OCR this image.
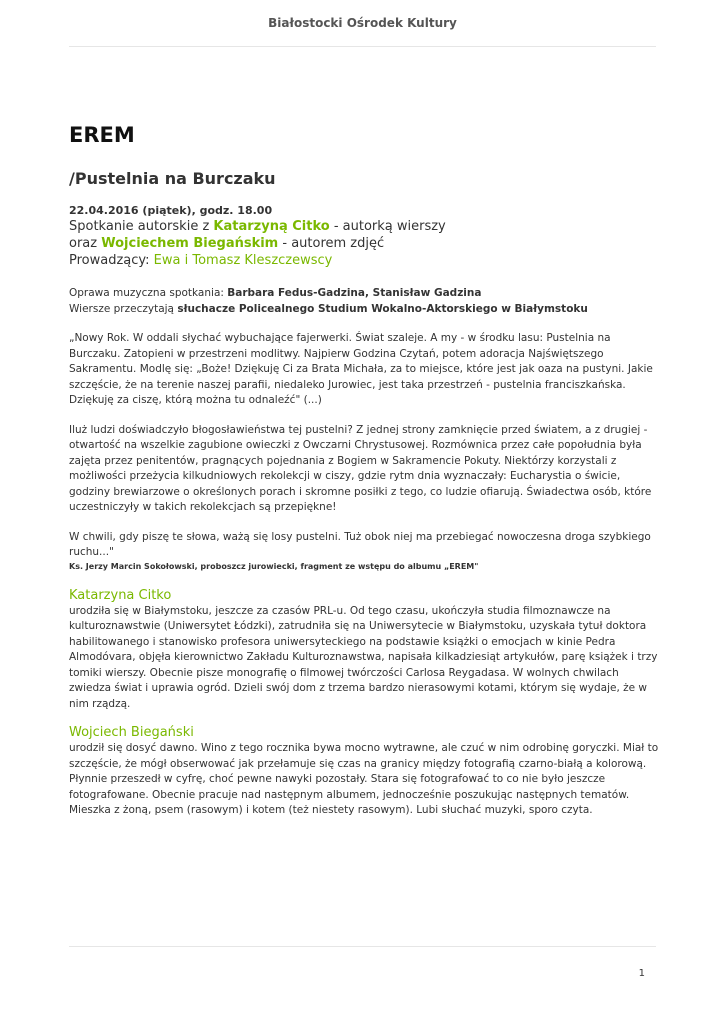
Białostocki Ośrodek Kultury
EREM
/Pustelnia na Burczaku
22.04.2016 (piątek), godz. 18.00
Spotkanie autorskie z Katarzyną Citko - autorką wierszy
oraz Wojciechem Biegańskim - autorem zdjęć
Prowadzący: Ewa i Tomasz Kleszczewscy
Oprawa muzyczna spotkania: Barbara Fedus-Gadzina, Stanisław Gadzina
Wiersze przeczytają słuchacze Policealnego Studium Wokalno-Aktorskiego w Białymstoku
„Nowy Rok. W oddali słychać wybuchające fajerwerki. Świat szaleje. A my - w środku lasu: Pustelnia na Burczaku. Zatopieni w przestrzeni modlitwy. Najpierw Godzina Czytań, potem adoracja Najświętszego Sakramentu. Modlę się: „Boże! Dziękuję Ci za Brata Michała, za to miejsce, które jest jak oaza na pustyni. Jakie szczęście, że na terenie naszej parafii, niedaleko Jurowiec, jest taka przestrzeń - pustelnia franciszkańska. Dziękuję za ciszę, którą można tu odnaleźć" (...)
Iluż ludzi doświadczyło błogosławieństwa tej pustelni? Z jednej strony zamknięcie przed światem, a z drugiej - otwartość na wszelkie zagubione owieczki z Owczarni Chrystusowej. Rozmównica przez całe popołudnia była zajęta przez penitentów, pragnących pojednania z Bogiem w Sakramencie Pokuty. Niektórzy korzystali z możliwości przeżycia kilkudniowych rekolekcji w ciszy, gdzie rytm dnia wyznaczały: Eucharystia o świcie, godziny brewiarzowe o określonych porach i skromne posiłki z tego, co ludzie ofiarują. Świadectwa osób, które uczestniczyły w takich rekolekcjach są przepiękne!
W chwili, gdy piszę te słowa, ważą się losy pustelni. Tuż obok niej ma przebiegać nowoczesna droga szybkiego ruchu..."
Ks. Jerzy Marcin Sokołowski, proboszcz jurowiecki, fragment ze wstępu do albumu „EREM"
Katarzyna Citko
urodziła się w Białymstoku, jeszcze za czasów PRL-u. Od tego czasu, ukończyła studia filmoznawcze na kulturoznawstwie (Uniwersytet Łódzki), zatrudniła się na Uniwersytecie w Białymstoku, uzyskała tytuł doktora habilitowanego i stanowisko profesora uniwersyteckiego na podstawie książki o emocjach w kinie Pedra Almodóvara, objęła kierownictwo Zakładu Kulturoznawstwa, napisała kilkadziesiąt artykułów, parę książek i trzy tomiki wierszy. Obecnie pisze monografię o filmowej twórczości Carlosa Reygadasa. W wolnych chwilach zwiedza świat i uprawia ogród. Dzieli swój dom z trzema bardzo nierasowymi kotami, którym się wydaje, że w nim rządzą.
Wojciech Biegański
urodził się dosyć dawno. Wino z tego rocznika bywa mocno wytrawne, ale czuć w nim odrobinę goryczki. Miał to szczęście, że mógł obserwować jak przełamuje się czas na granicy między fotografią czarno-białą a kolorową. Płynnie przeszedł w cyfrę, choć pewne nawyki pozostały. Stara się fotografować to co nie było jeszcze fotografowane. Obecnie pracuje nad następnym albumem, jednocześnie poszukując następnych tematów. Mieszka z żoną, psem (rasowym) i kotem (też niestety rasowym). Lubi słuchać muzyki, sporo czyta.
1
